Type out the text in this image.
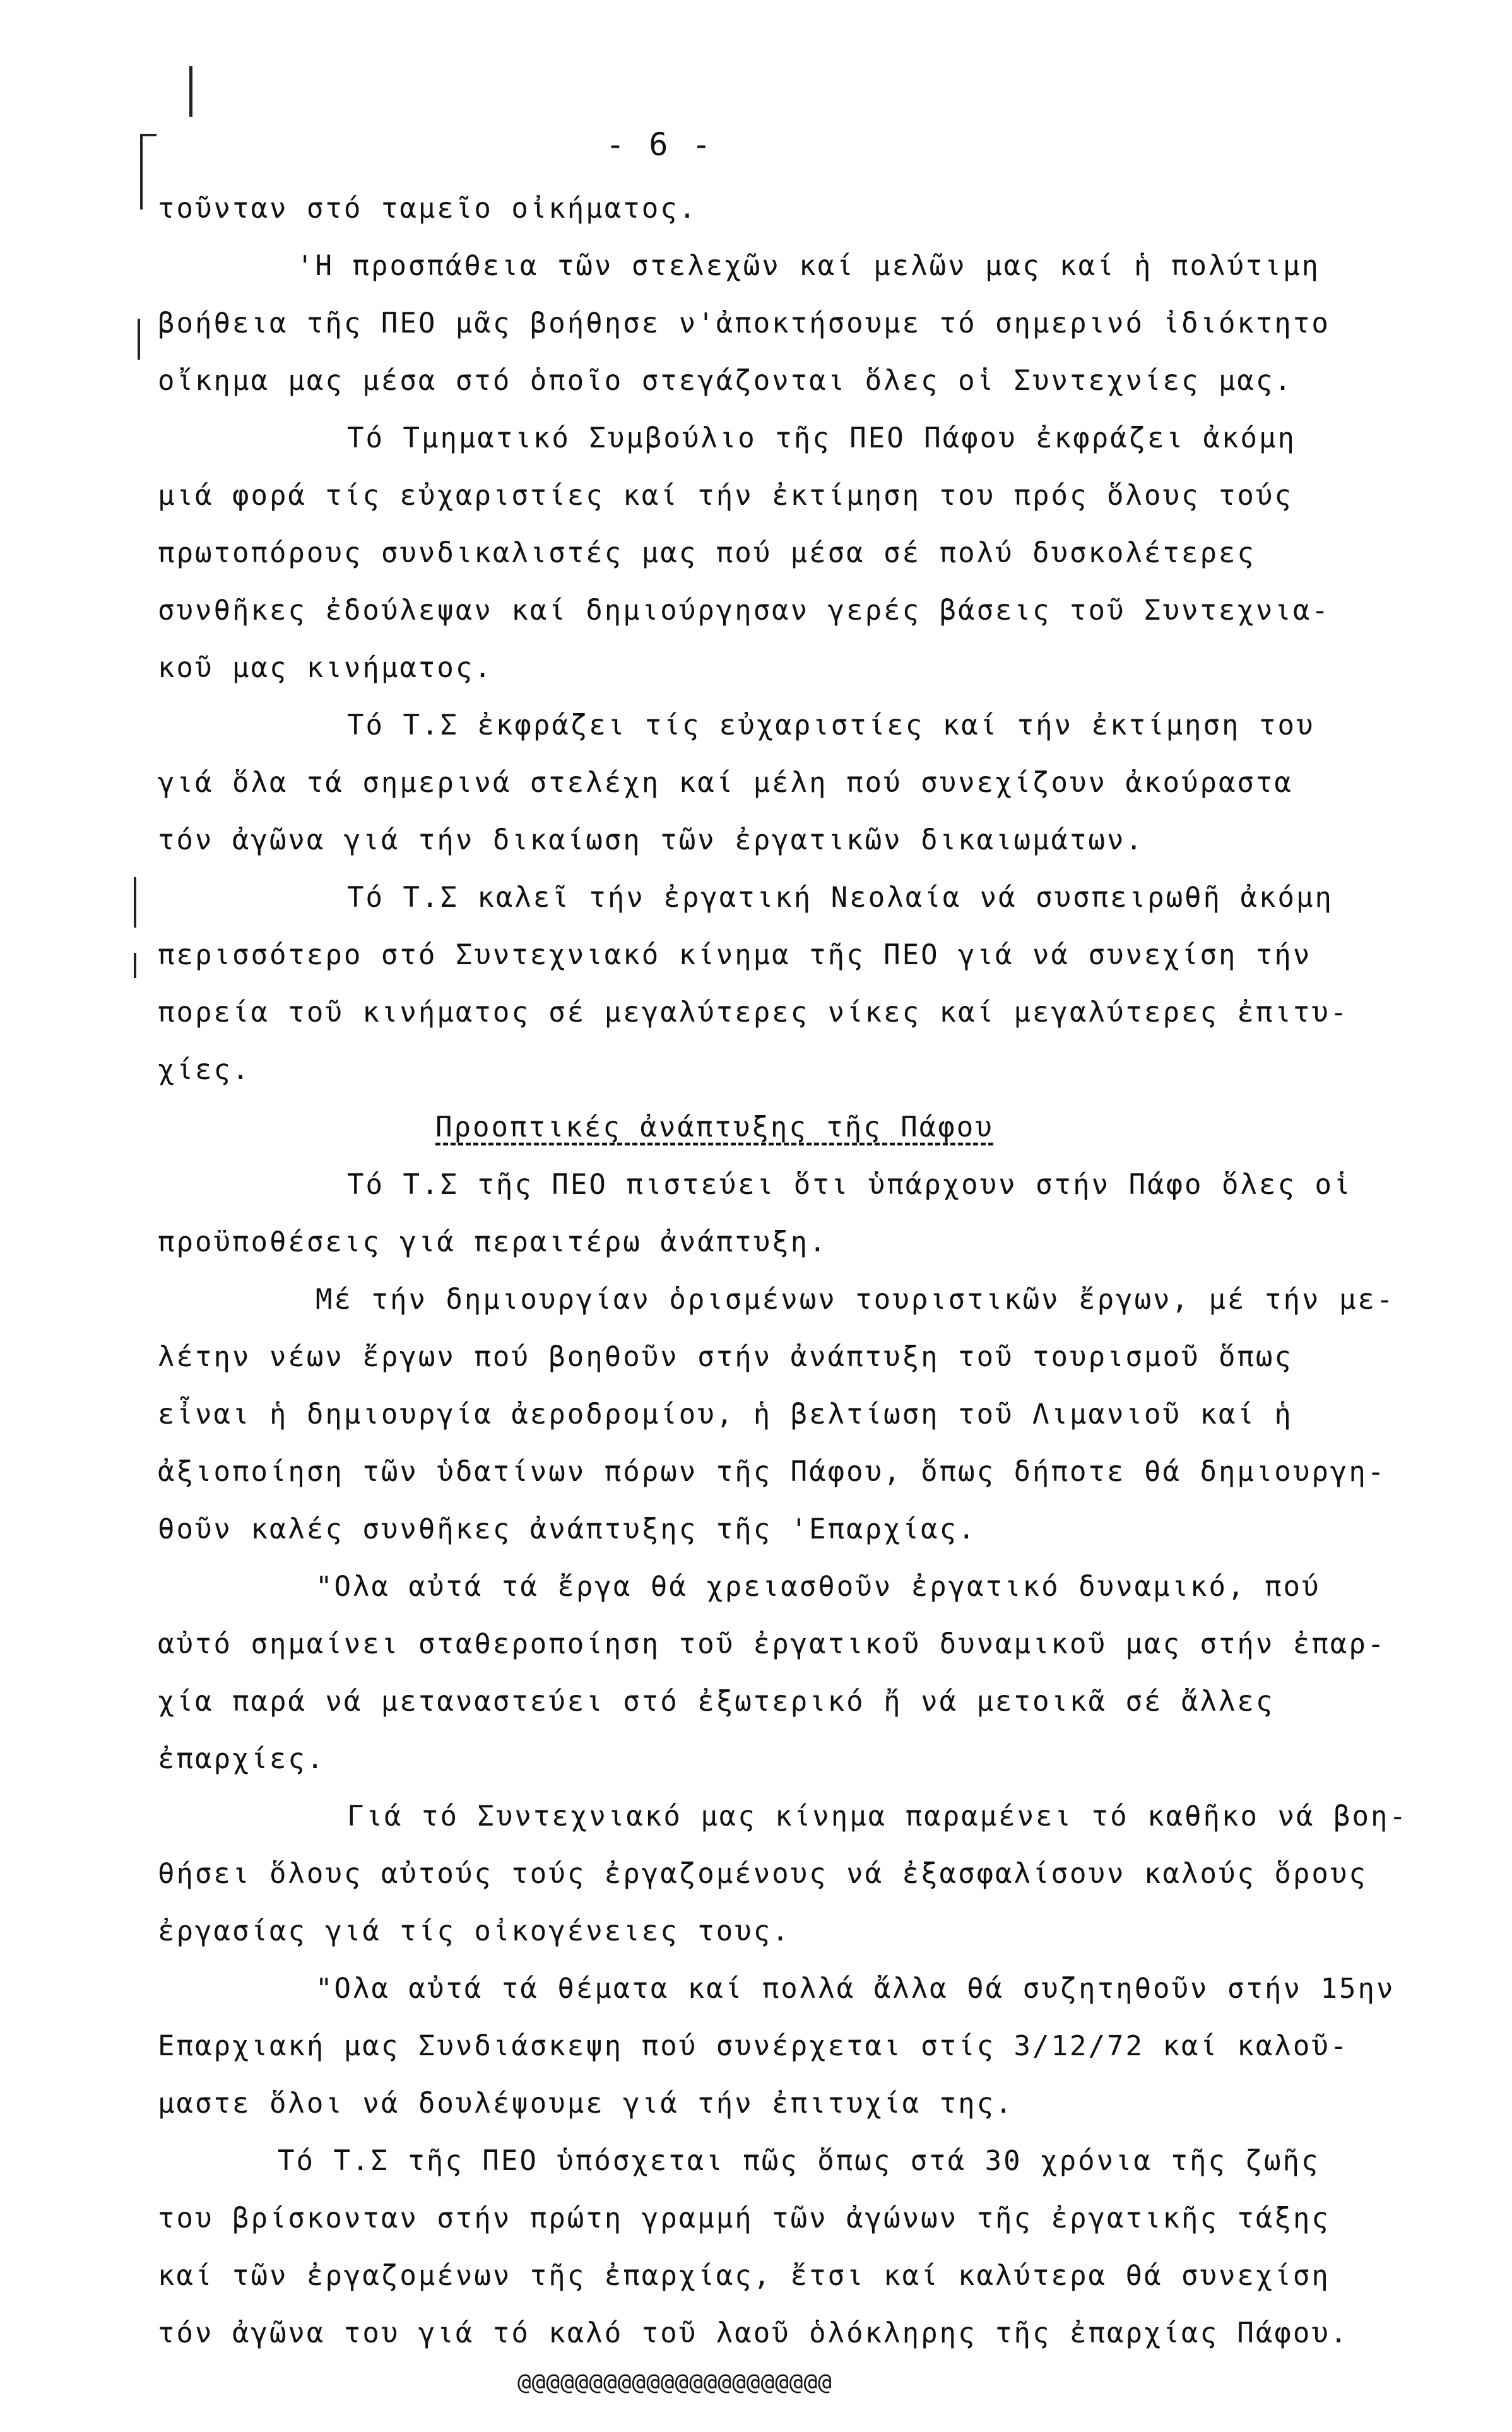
- 6 -
τοῦνταν στό ταμεῖο οἰκήματος.
'Η προσπάθεια τῶν στελεχῶν καί μελῶν μας καί ἡ πολύτιμη
βοήθεια τῆς ΠΕΟ μᾶς βοήθησε ν'ἀποκτήσουμε τό σημερινό ἰδιόκτητο
οἴκημα μας μέσα στό ὁποῖο στεγάζονται ὅλες οἱ Συντεχνίες μας.
Τό Τμηματικό Συμβούλιο τῆς ΠΕΟ Πάφου ἐκφράζει ἀκόμη
μιά φορά τίς εὐχαριστίες καί τήν ἐκτίμηση του πρός ὅλους τούς
πρωτοπόρους συνδικαλιστές μας πού μέσα σέ πολύ δυσκολέτερες
συνθῆκες ἐδούλεψαν καί δημιούργησαν γερές βάσεις τοῦ Συντεχνια-
κοῦ μας κινήματος.
Τό Τ.Σ ἐκφράζει τίς εὐχαριστίες καί τήν ἐκτίμηση του
γιά ὅλα τά σημερινά στελέχη καί μέλη πού συνεχίζουν ἀκούραστα
τόν ἀγῶνα γιά τήν δικαίωση τῶν ἐργατικῶν δικαιωμάτων.
Τό Τ.Σ καλεῖ τήν ἐργατική Νεολαία νά συσπειρωθῆ ἀκόμη
περισσότερο στό Συντεχνιακό κίνημα τῆς ΠΕΟ γιά νά συνεχίση τήν
πορεία τοῦ κινήματος σέ μεγαλύτερες νίκες καί μεγαλύτερες ἐπιτυ-
χίες.
Προοπτικές ἀνάπτυξης τῆς Πάφου
Τό Τ.Σ τῆς ΠΕΟ πιστεύει ὅτι ὑπάρχουν στήν Πάφο ὅλες οἱ
προϋποθέσεις γιά περαιτέρω ἀνάπτυξη.
Μέ τήν δημιουργίαν ὁρισμένων τουριστικῶν ἔργων, μέ τήν με-
λέτην νέων ἔργων πού βοηθοῦν στήν ἀνάπτυξη τοῦ τουρισμοῦ ὅπως
εἶναι ἡ δημιουργία ἀεροδρομίου, ἡ βελτίωση τοῦ Λιμανιοῦ καί ἡ
ἀξιοποίηση τῶν ὑδατίνων πόρων τῆς Πάφου, ὅπως δήποτε θά δημιουργη-
θοῦν καλές συνθῆκες ἀνάπτυξης τῆς 'Επαρχίας.
"Ολα αὐτά τά ἔργα θά χρειασθοῦν ἐργατικό δυναμικό, πού
αὐτό σημαίνει σταθεροποίηση τοῦ ἐργατικοῦ δυναμικοῦ μας στήν ἐπαρ-
χία παρά νά μεταναστεύει στό ἐξωτερικό ἤ νά μετοικᾶ σέ ἄλλες
ἐπαρχίες.
Γιά τό Συντεχνιακό μας κίνημα παραμένει τό καθῆκο νά βοη-
θήσει ὅλους αὐτούς τούς ἐργαζομένους νά ἐξασφαλίσουν καλούς ὅρους
ἐργασίας γιά τίς οἰκογένειες τους.
"Ολα αὐτά τά θέματα καί πολλά ἄλλα θά συζητηθοῦν στήν 15ην
Επαρχιακή μας Συνδιάσκεψη πού συνέρχεται στίς 3/12/72 καί καλοῦ-
μαστε ὅλοι νά δουλέψουμε γιά τήν ἐπιτυχία της.
Τό Τ.Σ τῆς ΠΕΟ ὑπόσχεται πῶς ὅπως στά 30 χρόνια τῆς ζωῆς
του βρίσκονταν στήν πρώτη γραμμή τῶν ἀγώνων τῆς ἐργατικῆς τάξης
καί τῶν ἐργαζομένων τῆς ἐπαρχίας, ἔτσι καί καλύτερα θά συνεχίση
τόν ἀγῶνα του γιά τό καλό τοῦ λαοῦ ὁλόκληρης τῆς ἐπαρχίας Πάφου.
@@@@@@@@@@@@@@@@@@@@@@
